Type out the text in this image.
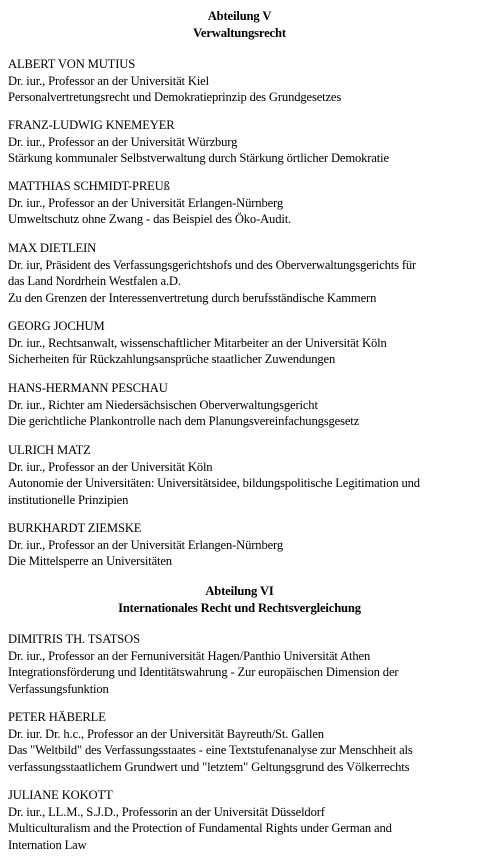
Abteilung V
Verwaltungsrecht
ALBERT VON MUTIUS
Dr. iur., Professor an der Universität Kiel
Personalvertretungsrecht und Demokratieprinzip des Grundgesetzes
FRANZ-LUDWIG KNEMEYER
Dr. iur., Professor an der Universität Würzburg
Stärkung kommunaler Selbstverwaltung durch Stärkung örtlicher Demokratie
MATTHIAS SCHMIDT-PREUß
Dr. iur., Professor an der Universität Erlangen-Nürnberg
Umweltschutz ohne Zwang - das Beispiel des Öko-Audit.
MAX DIETLEIN
Dr. iur, Präsident des Verfassungsgerichtshofs und des Oberverwaltungsgerichts für
das Land Nordrhein Westfalen a.D.
Zu den Grenzen der Interessenvertretung durch berufsständische Kammern
GEORG JOCHUM
Dr. iur., Rechtsanwalt, wissenschaftlicher Mitarbeiter an der Universität Köln
Sicherheiten für Rückzahlungsansprüche staatlicher Zuwendungen
HANS-HERMANN PESCHAU
Dr. iur., Richter am Niedersächsischen Oberverwaltungsgericht
Die gerichtliche Plankontrolle nach dem Planungsvereinfachungsgesetz
ULRICH MATZ
Dr. iur., Professor an der Universität Köln
Autonomie der Universitäten: Universitätsidee, bildungspolitische Legitimation und
institutionelle Prinzipien
BURKHARDT ZIEMSKE
Dr. iur., Professor an der Universität Erlangen-Nürnberg
Die Mittelsperre an Universitäten
Abteilung VI
Internationales Recht und Rechtsvergleichung
DIMITRIS TH. TSATSOS
Dr. iur., Professor an der Fernuniversität Hagen/Panthio Universität Athen
Integrationsförderung und Identitätswahrung - Zur europäischen Dimension der
Verfassungsfunktion
PETER HÄBERLE
Dr. iur. Dr. h.c., Professor an der Universität Bayreuth/St. Gallen
Das "Weltbild" des Verfassungsstaates - eine Textstufenanalyse zur Menschheit als
verfassungsstaatlichem Grundwert und "letztem" Geltungsgrund des Völkerrechts
JULIANE KOKOTT
Dr. iur., LL.M., S.J.D., Professorin an der Universität Düsseldorf
Multiculturalism and the Protection of Fundamental Rights under German and
Internation Law
